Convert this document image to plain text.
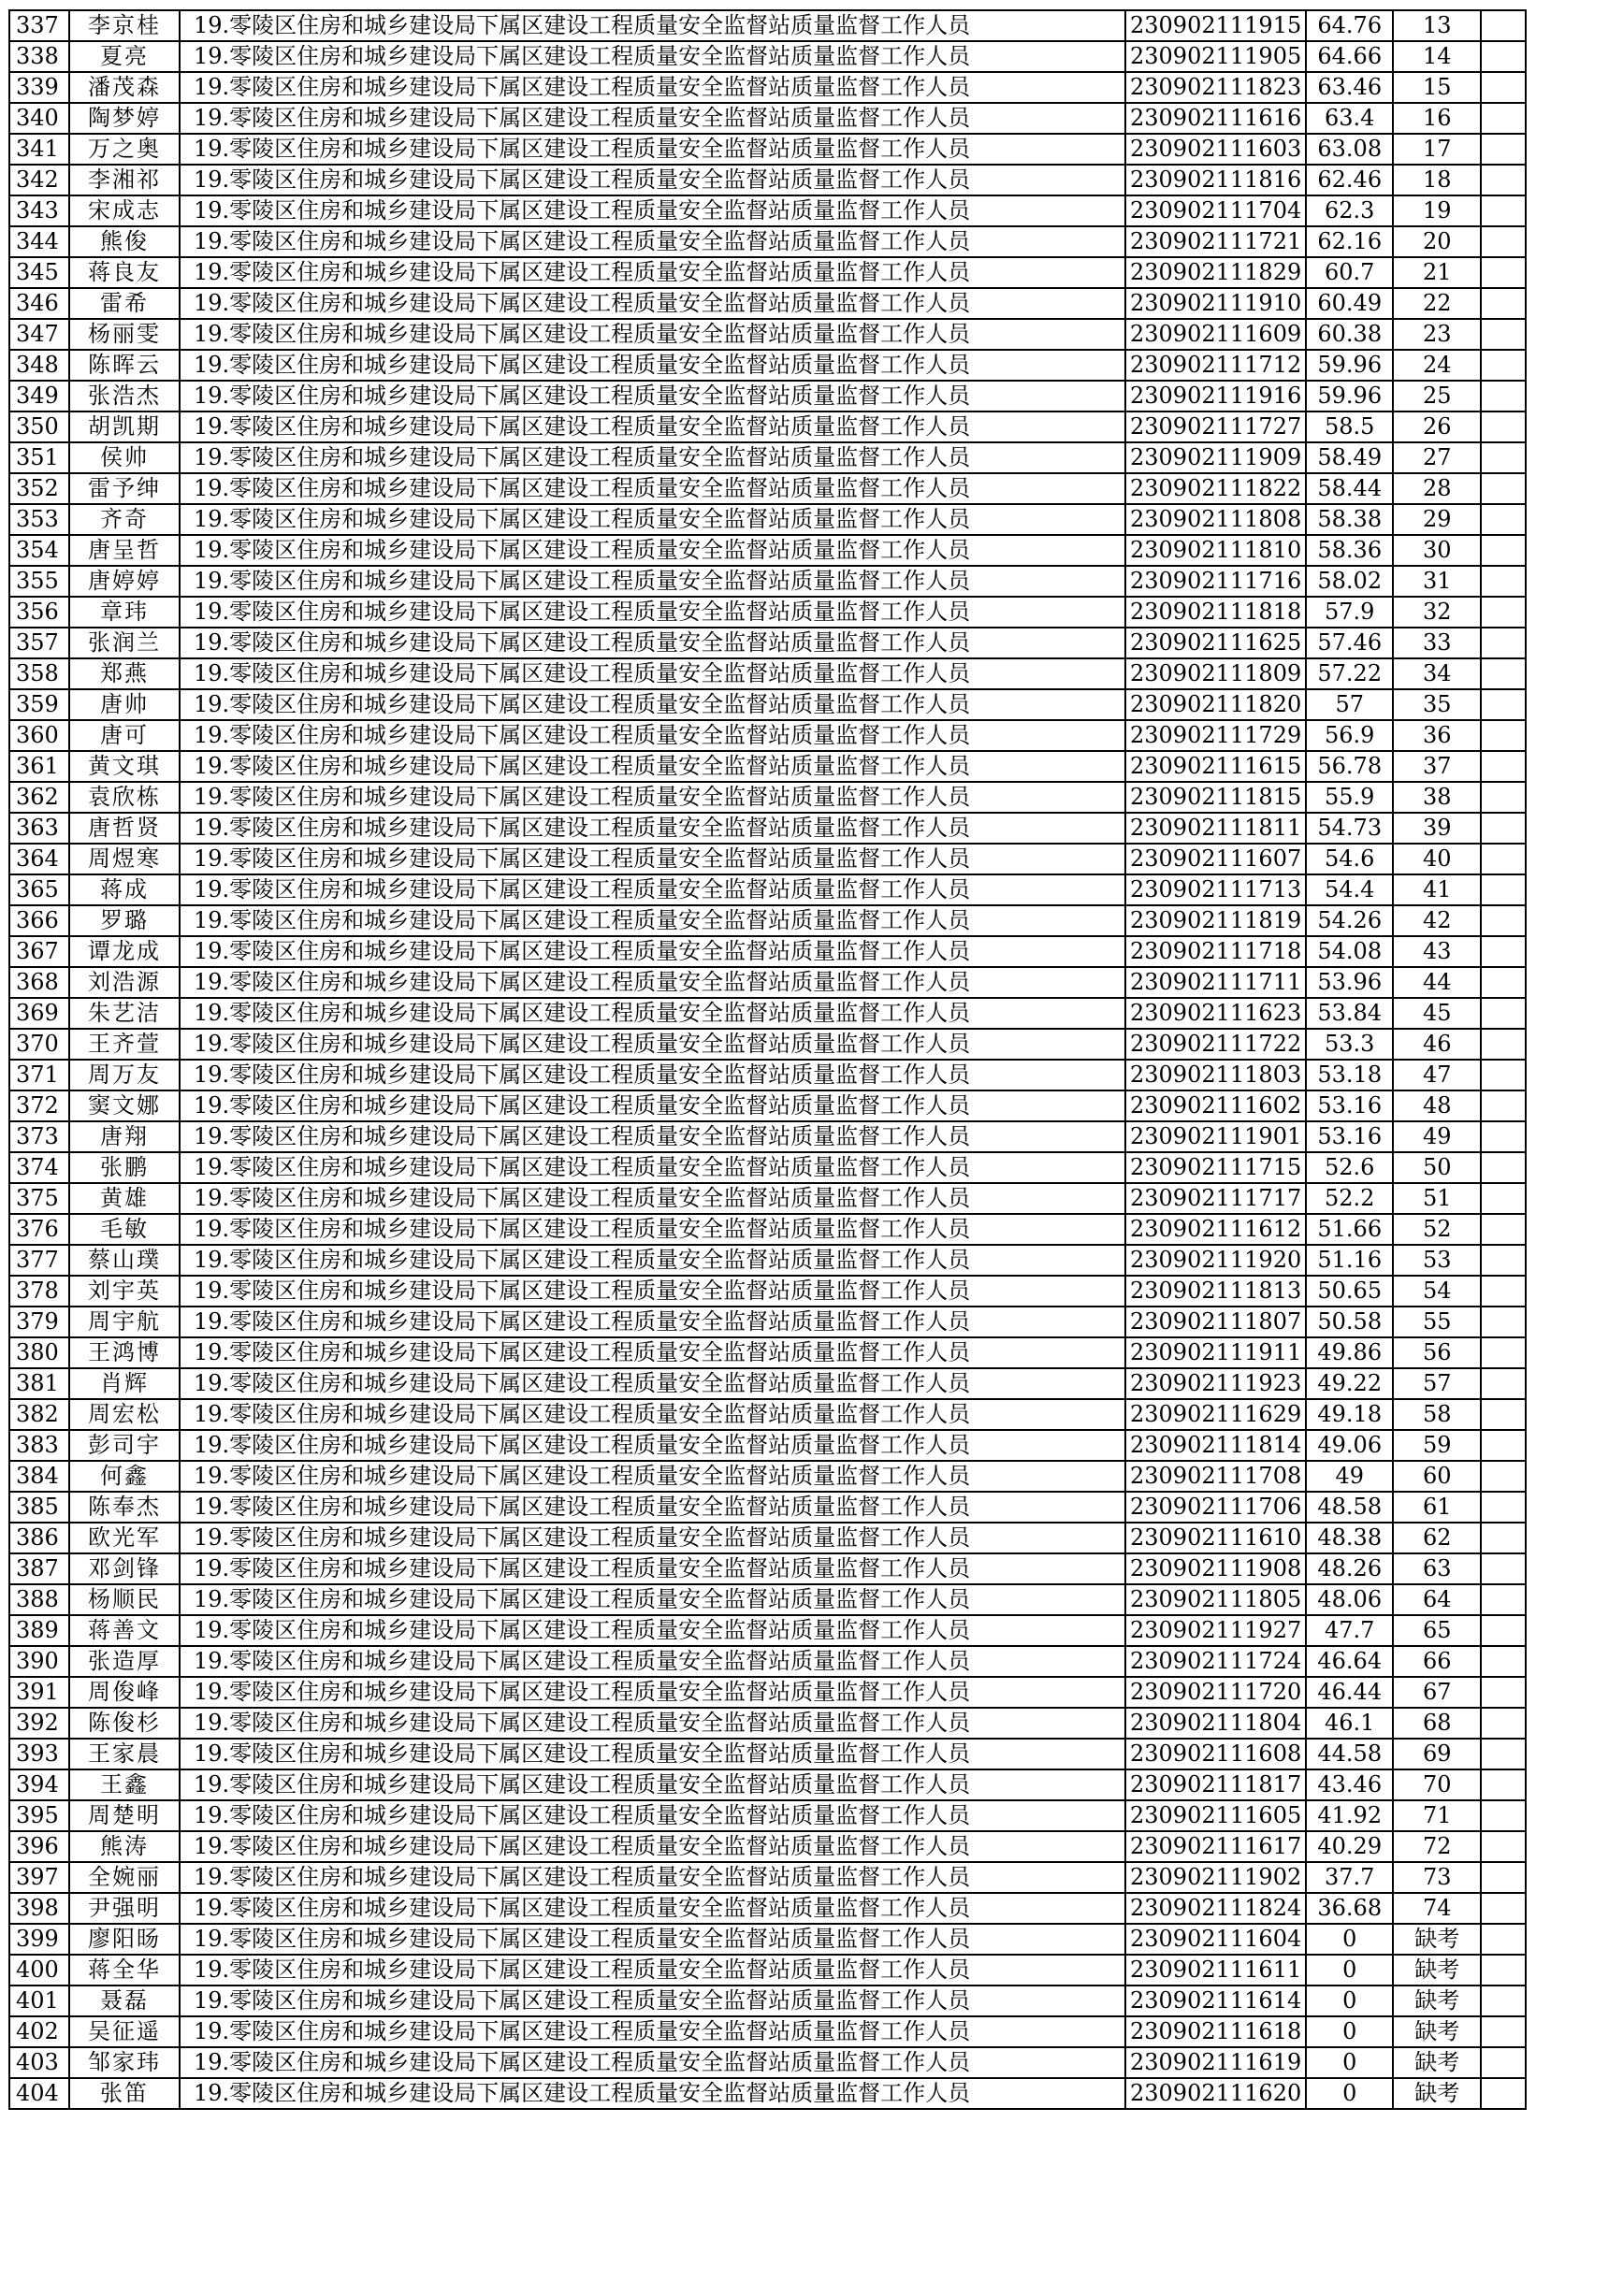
337	李京桂	19.零陵区住房和城乡建设局下属区建设工程质量安全监督站质量监督工作人员	230902111915	64.76	13	
338	夏亮	19.零陵区住房和城乡建设局下属区建设工程质量安全监督站质量监督工作人员	230902111905	64.66	14	
339	潘茂森	19.零陵区住房和城乡建设局下属区建设工程质量安全监督站质量监督工作人员	230902111823	63.46	15	
340	陶梦婷	19.零陵区住房和城乡建设局下属区建设工程质量安全监督站质量监督工作人员	230902111616	63.4	16	
341	万之奥	19.零陵区住房和城乡建设局下属区建设工程质量安全监督站质量监督工作人员	230902111603	63.08	17	
342	李湘祁	19.零陵区住房和城乡建设局下属区建设工程质量安全监督站质量监督工作人员	230902111816	62.46	18	
343	宋成志	19.零陵区住房和城乡建设局下属区建设工程质量安全监督站质量监督工作人员	230902111704	62.3	19	
344	熊俊	19.零陵区住房和城乡建设局下属区建设工程质量安全监督站质量监督工作人员	230902111721	62.16	20	
345	蒋良友	19.零陵区住房和城乡建设局下属区建设工程质量安全监督站质量监督工作人员	230902111829	60.7	21	
346	雷希	19.零陵区住房和城乡建设局下属区建设工程质量安全监督站质量监督工作人员	230902111910	60.49	22	
347	杨丽雯	19.零陵区住房和城乡建设局下属区建设工程质量安全监督站质量监督工作人员	230902111609	60.38	23	
348	陈晖云	19.零陵区住房和城乡建设局下属区建设工程质量安全监督站质量监督工作人员	230902111712	59.96	24	
349	张浩杰	19.零陵区住房和城乡建设局下属区建设工程质量安全监督站质量监督工作人员	230902111916	59.96	25	
350	胡凯期	19.零陵区住房和城乡建设局下属区建设工程质量安全监督站质量监督工作人员	230902111727	58.5	26	
351	侯帅	19.零陵区住房和城乡建设局下属区建设工程质量安全监督站质量监督工作人员	230902111909	58.49	27	
352	雷予绅	19.零陵区住房和城乡建设局下属区建设工程质量安全监督站质量监督工作人员	230902111822	58.44	28	
353	齐奇	19.零陵区住房和城乡建设局下属区建设工程质量安全监督站质量监督工作人员	230902111808	58.38	29	
354	唐呈哲	19.零陵区住房和城乡建设局下属区建设工程质量安全监督站质量监督工作人员	230902111810	58.36	30	
355	唐婷婷	19.零陵区住房和城乡建设局下属区建设工程质量安全监督站质量监督工作人员	230902111716	58.02	31	
356	章玮	19.零陵区住房和城乡建设局下属区建设工程质量安全监督站质量监督工作人员	230902111818	57.9	32	
357	张润兰	19.零陵区住房和城乡建设局下属区建设工程质量安全监督站质量监督工作人员	230902111625	57.46	33	
358	郑燕	19.零陵区住房和城乡建设局下属区建设工程质量安全监督站质量监督工作人员	230902111809	57.22	34	
359	唐帅	19.零陵区住房和城乡建设局下属区建设工程质量安全监督站质量监督工作人员	230902111820	57	35	
360	唐可	19.零陵区住房和城乡建设局下属区建设工程质量安全监督站质量监督工作人员	230902111729	56.9	36	
361	黄文琪	19.零陵区住房和城乡建设局下属区建设工程质量安全监督站质量监督工作人员	230902111615	56.78	37	
362	袁欣栋	19.零陵区住房和城乡建设局下属区建设工程质量安全监督站质量监督工作人员	230902111815	55.9	38	
363	唐哲贤	19.零陵区住房和城乡建设局下属区建设工程质量安全监督站质量监督工作人员	230902111811	54.73	39	
364	周煜寒	19.零陵区住房和城乡建设局下属区建设工程质量安全监督站质量监督工作人员	230902111607	54.6	40	
365	蒋成	19.零陵区住房和城乡建设局下属区建设工程质量安全监督站质量监督工作人员	230902111713	54.4	41	
366	罗璐	19.零陵区住房和城乡建设局下属区建设工程质量安全监督站质量监督工作人员	230902111819	54.26	42	
367	谭龙成	19.零陵区住房和城乡建设局下属区建设工程质量安全监督站质量监督工作人员	230902111718	54.08	43	
368	刘浩源	19.零陵区住房和城乡建设局下属区建设工程质量安全监督站质量监督工作人员	230902111711	53.96	44	
369	朱艺洁	19.零陵区住房和城乡建设局下属区建设工程质量安全监督站质量监督工作人员	230902111623	53.84	45	
370	王齐萱	19.零陵区住房和城乡建设局下属区建设工程质量安全监督站质量监督工作人员	230902111722	53.3	46	
371	周万友	19.零陵区住房和城乡建设局下属区建设工程质量安全监督站质量监督工作人员	230902111803	53.18	47	
372	窦文娜	19.零陵区住房和城乡建设局下属区建设工程质量安全监督站质量监督工作人员	230902111602	53.16	48	
373	唐翔	19.零陵区住房和城乡建设局下属区建设工程质量安全监督站质量监督工作人员	230902111901	53.16	49	
374	张鹏	19.零陵区住房和城乡建设局下属区建设工程质量安全监督站质量监督工作人员	230902111715	52.6	50	
375	黄雄	19.零陵区住房和城乡建设局下属区建设工程质量安全监督站质量监督工作人员	230902111717	52.2	51	
376	毛敏	19.零陵区住房和城乡建设局下属区建设工程质量安全监督站质量监督工作人员	230902111612	51.66	52	
377	蔡山璞	19.零陵区住房和城乡建设局下属区建设工程质量安全监督站质量监督工作人员	230902111920	51.16	53	
378	刘宇英	19.零陵区住房和城乡建设局下属区建设工程质量安全监督站质量监督工作人员	230902111813	50.65	54	
379	周宇航	19.零陵区住房和城乡建设局下属区建设工程质量安全监督站质量监督工作人员	230902111807	50.58	55	
380	王鸿博	19.零陵区住房和城乡建设局下属区建设工程质量安全监督站质量监督工作人员	230902111911	49.86	56	
381	肖辉	19.零陵区住房和城乡建设局下属区建设工程质量安全监督站质量监督工作人员	230902111923	49.22	57	
382	周宏松	19.零陵区住房和城乡建设局下属区建设工程质量安全监督站质量监督工作人员	230902111629	49.18	58	
383	彭司宇	19.零陵区住房和城乡建设局下属区建设工程质量安全监督站质量监督工作人员	230902111814	49.06	59	
384	何鑫	19.零陵区住房和城乡建设局下属区建设工程质量安全监督站质量监督工作人员	230902111708	49	60	
385	陈奉杰	19.零陵区住房和城乡建设局下属区建设工程质量安全监督站质量监督工作人员	230902111706	48.58	61	
386	欧光军	19.零陵区住房和城乡建设局下属区建设工程质量安全监督站质量监督工作人员	230902111610	48.38	62	
387	邓剑锋	19.零陵区住房和城乡建设局下属区建设工程质量安全监督站质量监督工作人员	230902111908	48.26	63	
388	杨顺民	19.零陵区住房和城乡建设局下属区建设工程质量安全监督站质量监督工作人员	230902111805	48.06	64	
389	蒋善文	19.零陵区住房和城乡建设局下属区建设工程质量安全监督站质量监督工作人员	230902111927	47.7	65	
390	张造厚	19.零陵区住房和城乡建设局下属区建设工程质量安全监督站质量监督工作人员	230902111724	46.64	66	
391	周俊峰	19.零陵区住房和城乡建设局下属区建设工程质量安全监督站质量监督工作人员	230902111720	46.44	67	
392	陈俊杉	19.零陵区住房和城乡建设局下属区建设工程质量安全监督站质量监督工作人员	230902111804	46.1	68	
393	王家晨	19.零陵区住房和城乡建设局下属区建设工程质量安全监督站质量监督工作人员	230902111608	44.58	69	
394	王鑫	19.零陵区住房和城乡建设局下属区建设工程质量安全监督站质量监督工作人员	230902111817	43.46	70	
395	周楚明	19.零陵区住房和城乡建设局下属区建设工程质量安全监督站质量监督工作人员	230902111605	41.92	71	
396	熊涛	19.零陵区住房和城乡建设局下属区建设工程质量安全监督站质量监督工作人员	230902111617	40.29	72	
397	全婉丽	19.零陵区住房和城乡建设局下属区建设工程质量安全监督站质量监督工作人员	230902111902	37.7	73	
398	尹强明	19.零陵区住房和城乡建设局下属区建设工程质量安全监督站质量监督工作人员	230902111824	36.68	74	
399	廖阳旸	19.零陵区住房和城乡建设局下属区建设工程质量安全监督站质量监督工作人员	230902111604	0	缺考	
400	蒋全华	19.零陵区住房和城乡建设局下属区建设工程质量安全监督站质量监督工作人员	230902111611	0	缺考	
401	聂磊	19.零陵区住房和城乡建设局下属区建设工程质量安全监督站质量监督工作人员	230902111614	0	缺考	
402	吴征遥	19.零陵区住房和城乡建设局下属区建设工程质量安全监督站质量监督工作人员	230902111618	0	缺考	
403	邹家玮	19.零陵区住房和城乡建设局下属区建设工程质量安全监督站质量监督工作人员	230902111619	0	缺考	
404	张笛	19.零陵区住房和城乡建设局下属区建设工程质量安全监督站质量监督工作人员	230902111620	0	缺考	
